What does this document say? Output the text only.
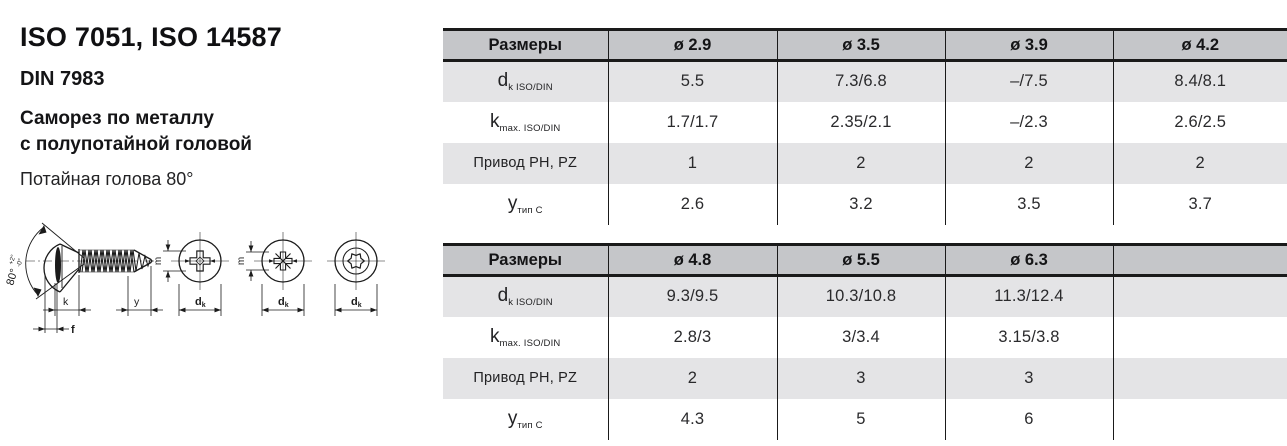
ISO 7051, ISO 14587
DIN 7983
Саморез по металлу
с полупотайной головой
Потайная голова 80°
80°
+2°
-0°
k
f
y
m
dk
m
dk	dk
Размеры	ø 2.9	ø 3.5	ø 3.9	ø 4.2
$d_{k ISO/DIN}$	5.5	7.3/6.8	–/7.5	8.4/8.1
$k_{max. ISO/DIN}$	1.7/1.7	2.35/2.1	–/2.3	2.6/2.5
Привод PH, PZ	1	2	2	2
$y_{тип C}$	2.6	3.2	3.5	3.7
Размеры	ø 4.8	ø 5.5	ø 6.3	
$d_{k ISO/DIN}$	9.3/9.5	10.3/10.8	11.3/12.4	
$k_{max. ISO/DIN}$	2.8/3	3/3.4	3.15/3.8	
Привод PH, PZ	2	3	3	
$y_{тип C}$	4.3	5	6	
